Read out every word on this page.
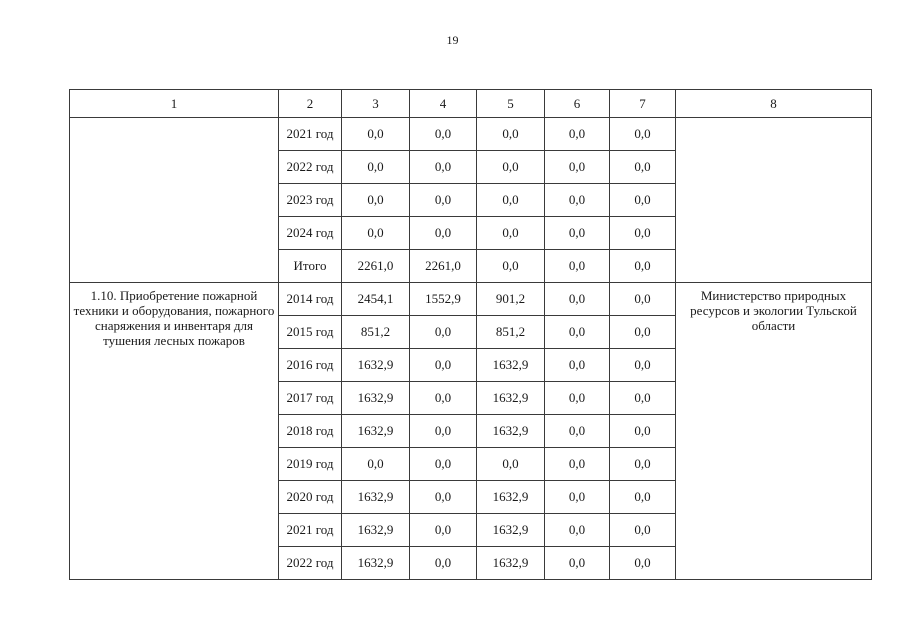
19
1	2	3	4	5	6	7	8
	2021 год	0,0	0,0	0,0	0,0	0,0	
	2022 год	0,0	0,0	0,0	0,0	0,0	
	2023 год	0,0	0,0	0,0	0,0	0,0	
	2024 год	0,0	0,0	0,0	0,0	0,0	
	Итого	2261,0	2261,0	0,0	0,0	0,0	
1.10. Приобретение пожарной техники и оборудования, пожарного снаряжения и инвентаря для тушения лесных пожаров	2014 год	2454,1	1552,9	901,2	0,0	0,0	Министерство природных ресурсов и экологии Тульской области
	2015 год	851,2	0,0	851,2	0,0	0,0	
	2016 год	1632,9	0,0	1632,9	0,0	0,0	
	2017 год	1632,9	0,0	1632,9	0,0	0,0	
	2018 год	1632,9	0,0	1632,9	0,0	0,0	
	2019 год	0,0	0,0	0,0	0,0	0,0	
	2020 год	1632,9	0,0	1632,9	0,0	0,0	
	2021 год	1632,9	0,0	1632,9	0,0	0,0	
	2022 год	1632,9	0,0	1632,9	0,0	0,0	
